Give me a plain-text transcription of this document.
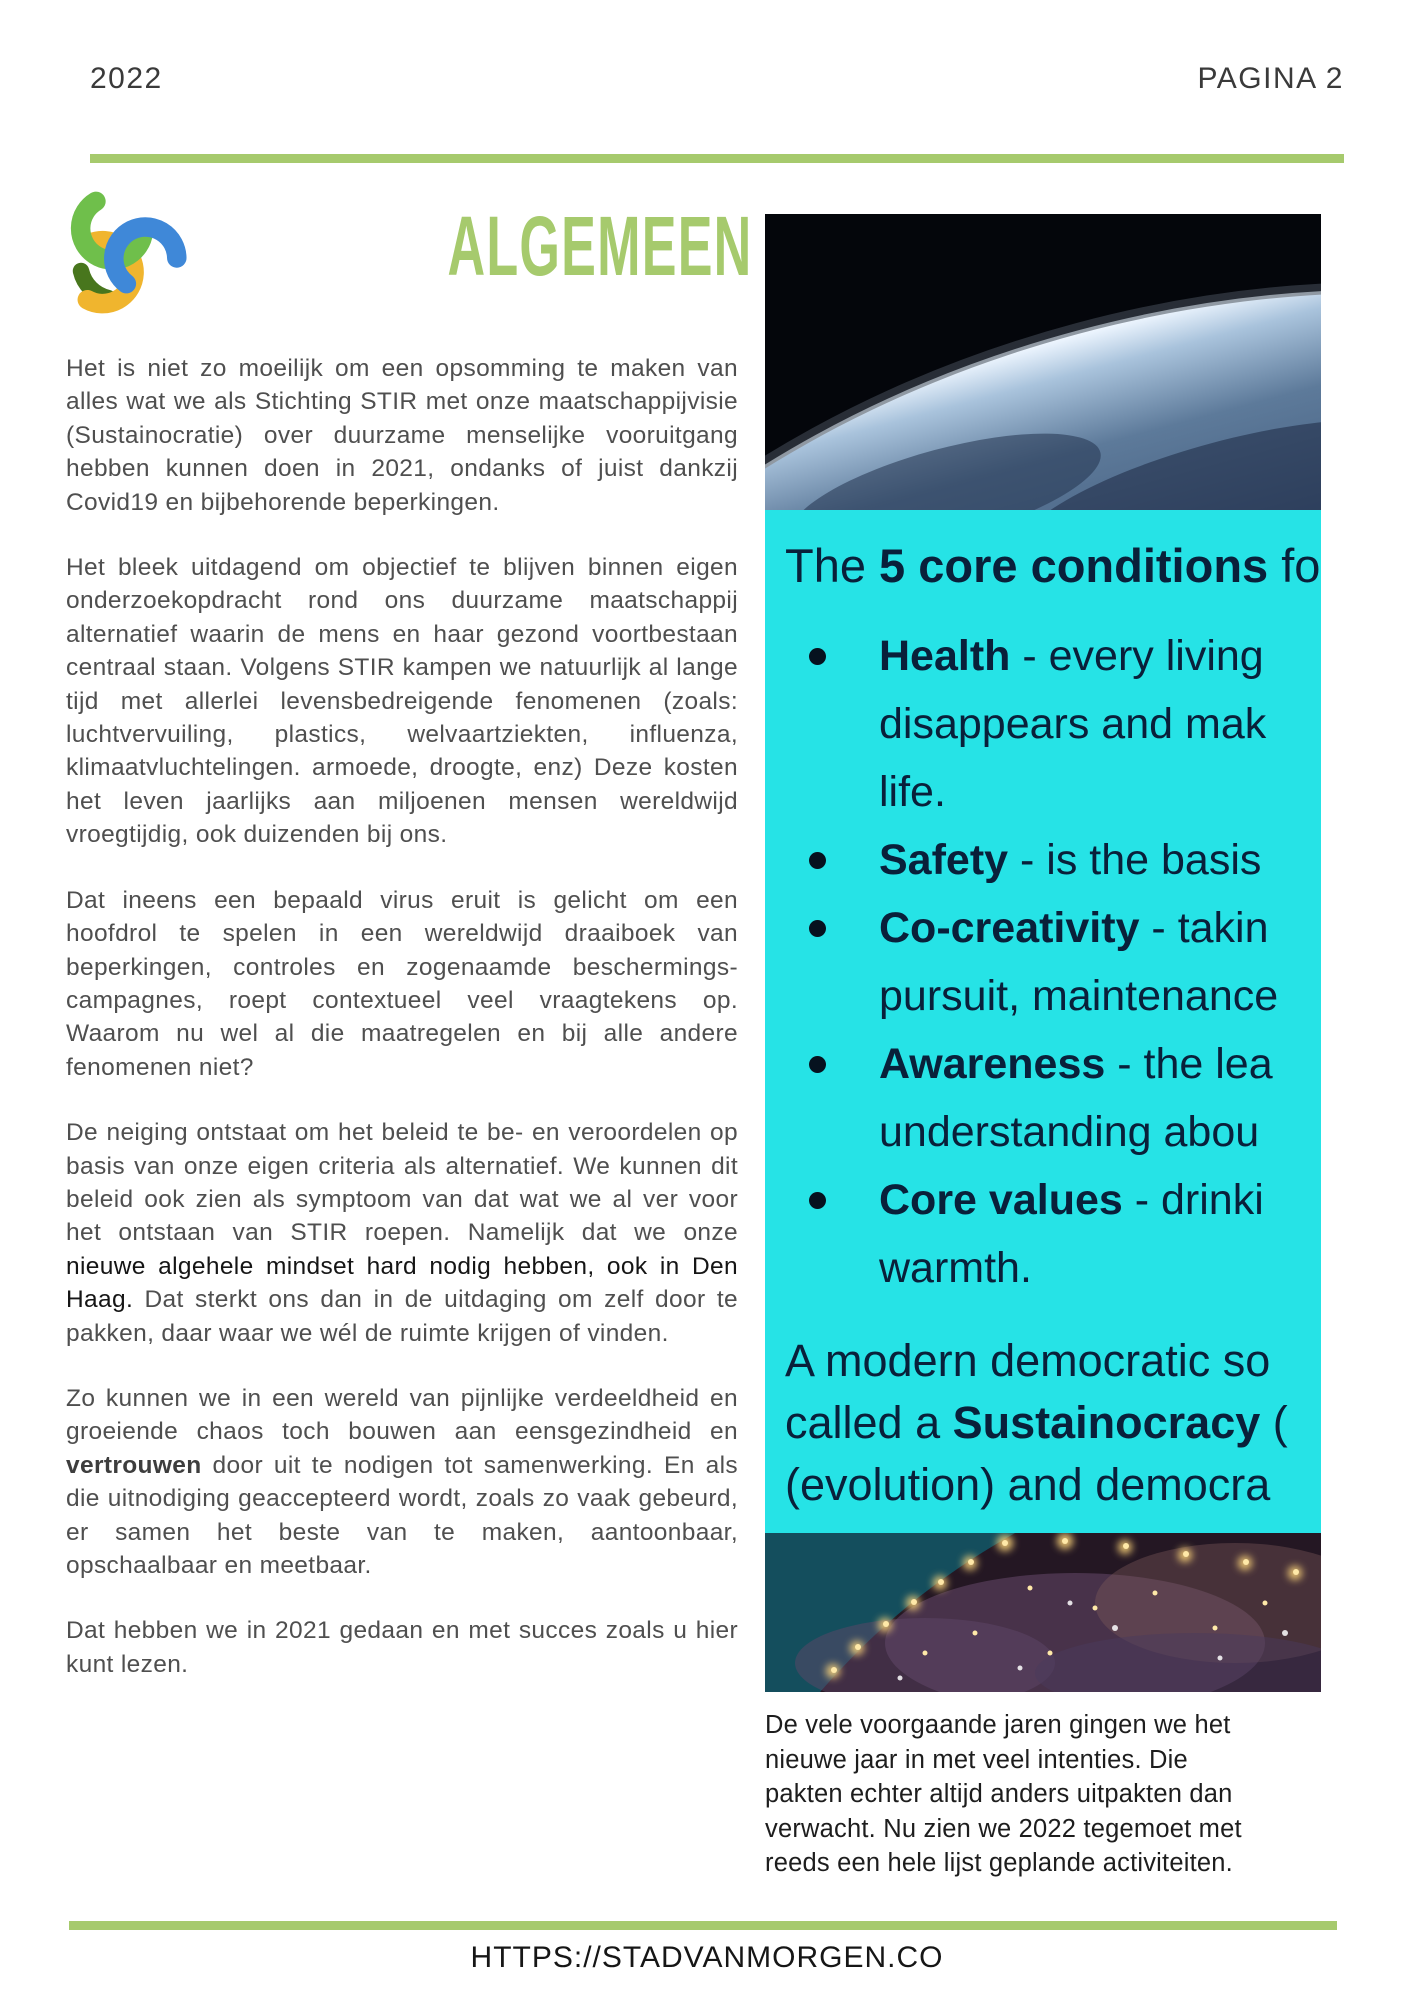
2022	PAGINA 2
ALGEMEEN

Het is niet zo moeilijk om een opsomming te maken van alles wat we als Stichting STIR met onze maatschappijvisie (Sustainocratie) over duurzame menselijke vooruitgang hebben kunnen doen in 2021, ondanks of juist dankzij Covid19 en bijbehorende beperkingen.

Het bleek uitdagend om objectief te blijven binnen eigen onderzoekopdracht rond ons duurzame maatschappij alternatief waarin de mens en haar gezond voortbestaan centraal staan. Volgens STIR kampen we natuurlijk al lange tijd met allerlei levensbedreigende fenomenen (zoals: luchtvervuiling, plastics, welvaartziekten, influenza, klimaatvluchtelingen. armoede, droogte, enz) Deze kosten het leven jaarlijks aan miljoenen mensen wereldwijd vroegtijdig, ook duizenden bij ons.

Dat ineens een bepaald virus eruit is gelicht om een hoofdrol te spelen in een wereldwijd draaiboek van beperkingen, controles en zogenaamde beschermings-campagnes, roept contextueel veel vraagtekens op. Waarom nu wel al die maatregelen en bij alle andere fenomenen niet?

De neiging ontstaat om het beleid te be- en veroordelen op basis van onze eigen criteria als alternatief. We kunnen dit beleid ook zien als symptoom van dat wat we al ver voor het ontstaan van STIR roepen. Namelijk dat we onze nieuwe algehele mindset hard nodig hebben, ook in Den Haag. Dat sterkt ons dan in de uitdaging om zelf door te pakken, daar waar we wél de ruimte krijgen of vinden.

Zo kunnen we in een wereld van pijnlijke verdeeldheid en groeiende chaos toch bouwen aan eensgezindheid en vertrouwen door uit te nodigen tot samenwerking. En als die uitnodiging geaccepteerd wordt, zoals zo vaak gebeurd, er samen het beste van te maken, aantoonbaar, opschaalbaar en meetbaar.

Dat hebben we in 2021 gedaan en met succes zoals u hier kunt lezen.

The 5 core conditions fo
Health - every living
disappears and mak
life.
Safety - is the basis
Co-creativity - takin
pursuit, maintenance
Awareness - the lea
understanding abou
Core values - drinki
warmth.
A modern democratic so
called a Sustainocracy (
(evolution) and democra
De vele voorgaande jaren gingen we het
nieuwe jaar in met veel intenties. Die
pakten echter altijd anders uitpakten dan
verwacht. Nu zien we 2022 tegemoet met
reeds een hele lijst geplande activiteiten.
HTTPS://STADVANMORGEN.CO
